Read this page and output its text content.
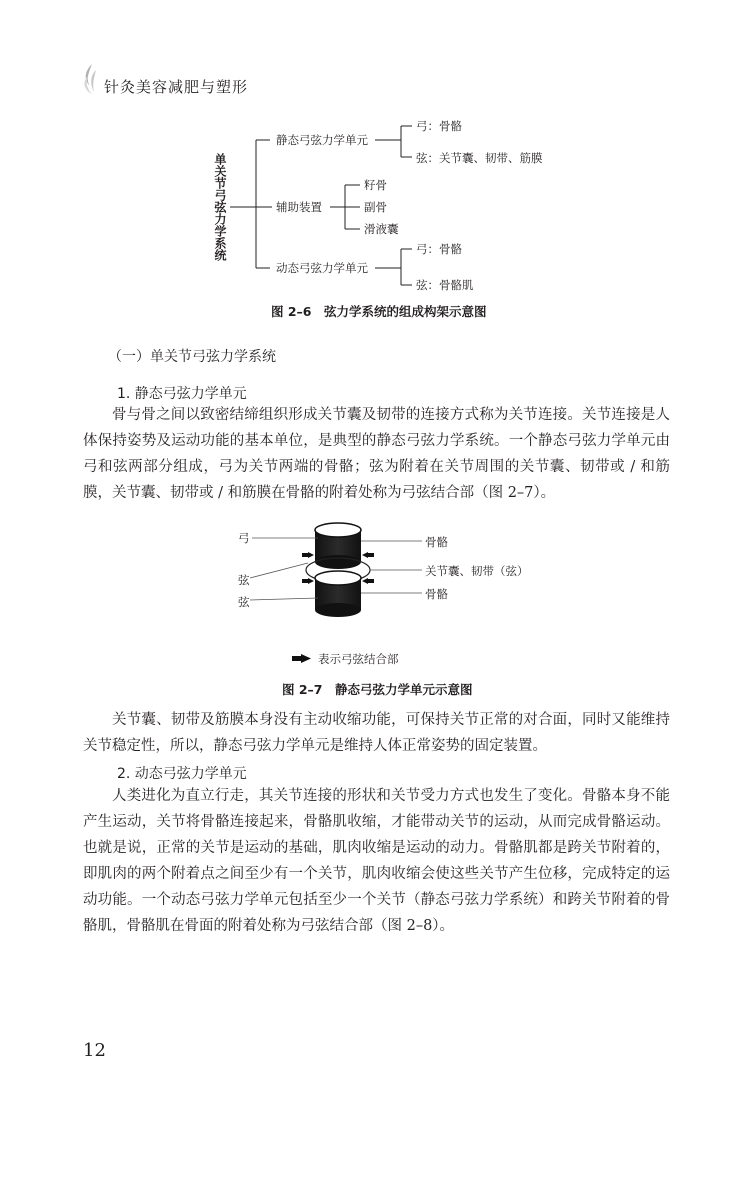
针灸美容减肥与塑形
单关节弓弦力学系统
静态弓弦力学单元
弓：骨骼
弦：关节囊、韧带、筋膜
辅助装置
籽骨
副骨
滑液囊
动态弓弦力学单元
弓：骨骼
弦：骨骼肌
图 2–6　弦力学系统的组成构架示意图
（一）单关节弓弦力学系统
1. 静态弓弦力学单元
骨与骨之间以致密结缔组织形成关节囊及韧带的连接方式称为关节连接。关节连接是人体保持姿势及运动功能的基本单位，是典型的静态弓弦力学系统。一个静态弓弦力学单元由弓和弦两部分组成，弓为关节两端的骨骼；弦为附着在关节周围的关节囊、韧带或 / 和筋膜，关节囊、韧带或 / 和筋膜在骨骼的附着处称为弓弦结合部（图 2–7）。
弓
弦
弦
骨骼
关节囊、韧带（弦）
骨骼
表示弓弦结合部
图 2–7　静态弓弦力学单元示意图
关节囊、韧带及筋膜本身没有主动收缩功能，可保持关节正常的对合面，同时又能维持关节稳定性，所以，静态弓弦力学单元是维持人体正常姿势的固定装置。
2. 动态弓弦力学单元
人类进化为直立行走，其关节连接的形状和关节受力方式也发生了变化。骨骼本身不能产生运动，关节将骨骼连接起来，骨骼肌收缩，才能带动关节的运动，从而完成骨骼运动。也就是说，正常的关节是运动的基础，肌肉收缩是运动的动力。骨骼肌都是跨关节附着的，即肌肉的两个附着点之间至少有一个关节，肌肉收缩会使这些关节产生位移，完成特定的运动功能。一个动态弓弦力学单元包括至少一个关节（静态弓弦力学系统）和跨关节附着的骨骼肌，骨骼肌在骨面的附着处称为弓弦结合部（图 2–8）。
12
